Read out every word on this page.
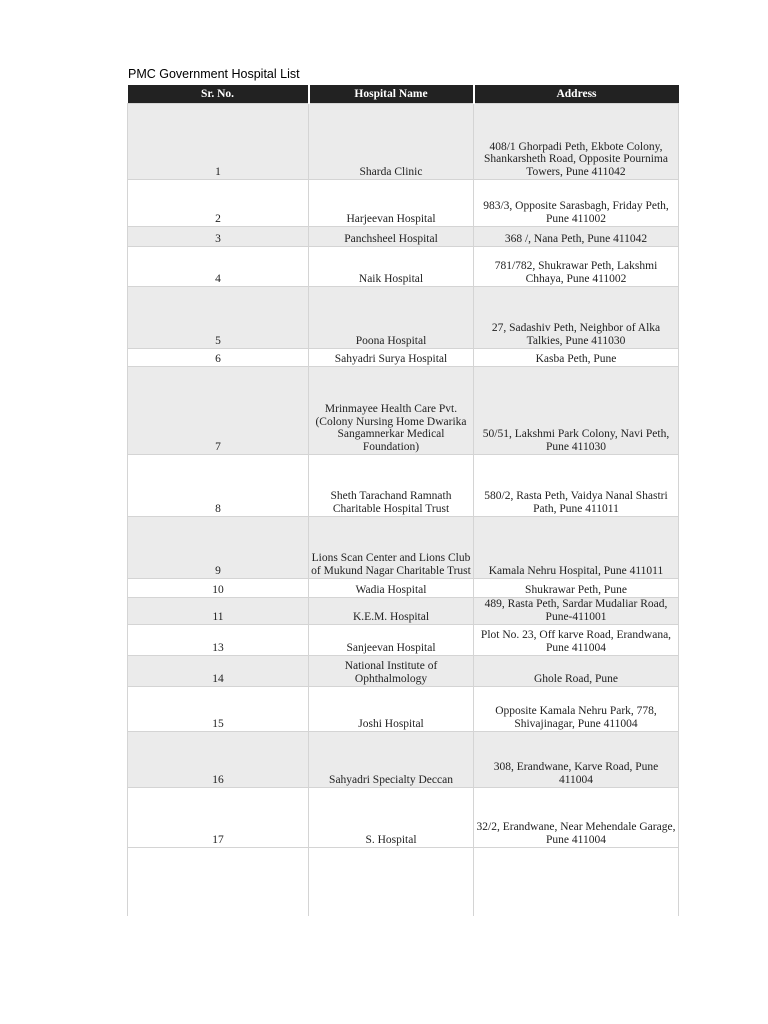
PMC Government Hospital List
Sr. No.	Hospital Name	Address
1	Sharda Clinic	408/1 Ghorpadi Peth, Ekbote Colony, Shankarsheth Road, Opposite Pournima Towers, Pune 411042
2	Harjeevan Hospital	983/3, Opposite Sarasbagh, Friday Peth, Pune 411002
3	Panchsheel Hospital	368 /, Nana Peth, Pune 411042
4	Naik Hospital	781/782, Shukrawar Peth, Lakshmi Chhaya, Pune 411002
5	Poona Hospital	27, Sadashiv Peth, Neighbor of Alka Talkies, Pune 411030
6	Sahyadri Surya Hospital	Kasba Peth, Pune
7	Mrinmayee Health Care Pvt. (Colony Nursing Home Dwarika Sangamnerkar Medical Foundation)	50/51, Lakshmi Park Colony, Navi Peth, Pune 411030
8	Sheth Tarachand Ramnath Charitable Hospital Trust	580/2, Rasta Peth, Vaidya Nanal Shastri Path, Pune 411011
9	Lions Scan Center and Lions Club of Mukund Nagar Charitable Trust	Kamala Nehru Hospital, Pune 411011
10	Wadia Hospital	Shukrawar Peth, Pune
11	K.E.M. Hospital	489, Rasta Peth, Sardar Mudaliar Road, Pune-411001
13	Sanjeevan Hospital	Plot No. 23, Off karve Road, Erandwana, Pune 411004
14	National Institute of Ophthalmology	Ghole Road, Pune
15	Joshi Hospital	Opposite Kamala Nehru Park, 778, Shivajinagar, Pune 411004
16	Sahyadri Specialty Deccan	308, Erandwane, Karve Road, Pune 411004
17	S. Hospital	32/2, Erandwane, Near Mehendale Garage, Pune 411004
